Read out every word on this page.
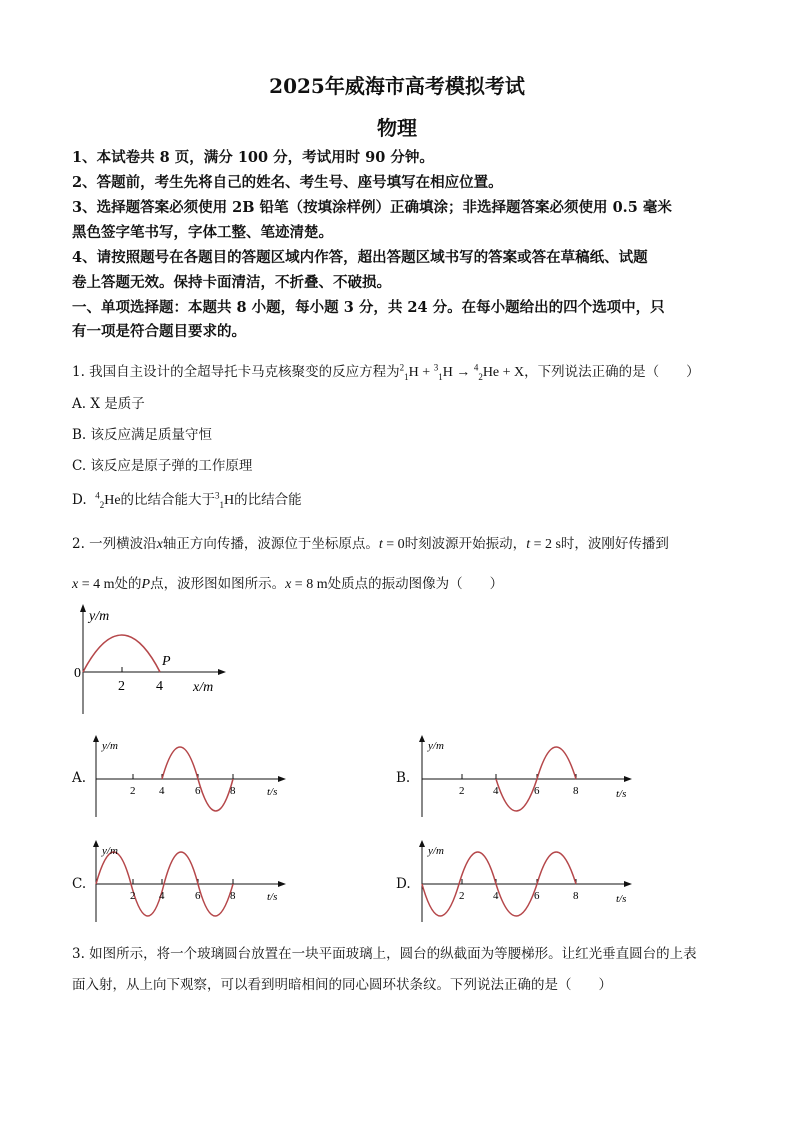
2025年威海市高考模拟考试
物理
1、本试卷共 8 页，满分 100 分，考试用时 90 分钟。
2、答题前，考生先将自己的姓名、考生号、座号填写在相应位置。
3、选择题答案必须使用 2B 铅笔（按填涂样例）正确填涂；非选择题答案必须使用 0.5 毫米
黑色签字笔书写，字体工整、笔迹清楚。
4、请按照题号在各题目的答题区域内作答，超出答题区域书写的答案或答在草稿纸、试题
卷上答题无效。保持卡面清洁，不折叠、不破损。
一、单项选择题：本题共 8 小题，每小题 3 分，共 24 分。在每小题给出的四个选项中，只
有一项是符合题目要求的。
1. 我国自主设计的全超导托卡马克核聚变的反应方程为$^2_1$H + $^3_1$H → $^4_2$He + X，下列说法正确的是（　　）
A. X 是质子
B. 该反应满足质量守恒
C. 该反应是原子弹的工作原理
D.  $^4_2$He的比结合能大于$^3_1$H的比结合能
2. 一列横波沿x轴正方向传播，波源位于坐标原点。t = 0时刻波源开始振动，t = 2 s时，波刚好传播到
x = 4 m处的P点，波形图如图所示。x = 8 m处质点的振动图像为（　　）
y/m
0
2 4
P
x/m
A.
y/m
2 4	6	8	t/s
B.
y/m
2	4	6	8	t/s
C.
y/m
2 4	6	8	t/s
D.
y/m
2	4	6	8	t/s
3. 如图所示，将一个玻璃圆台放置在一块平面玻璃上，圆台的纵截面为等腰梯形。让红光垂直圆台的上表
面入射，从上向下观察，可以看到明暗相间的同心圆环状条纹。下列说法正确的是（　　）
